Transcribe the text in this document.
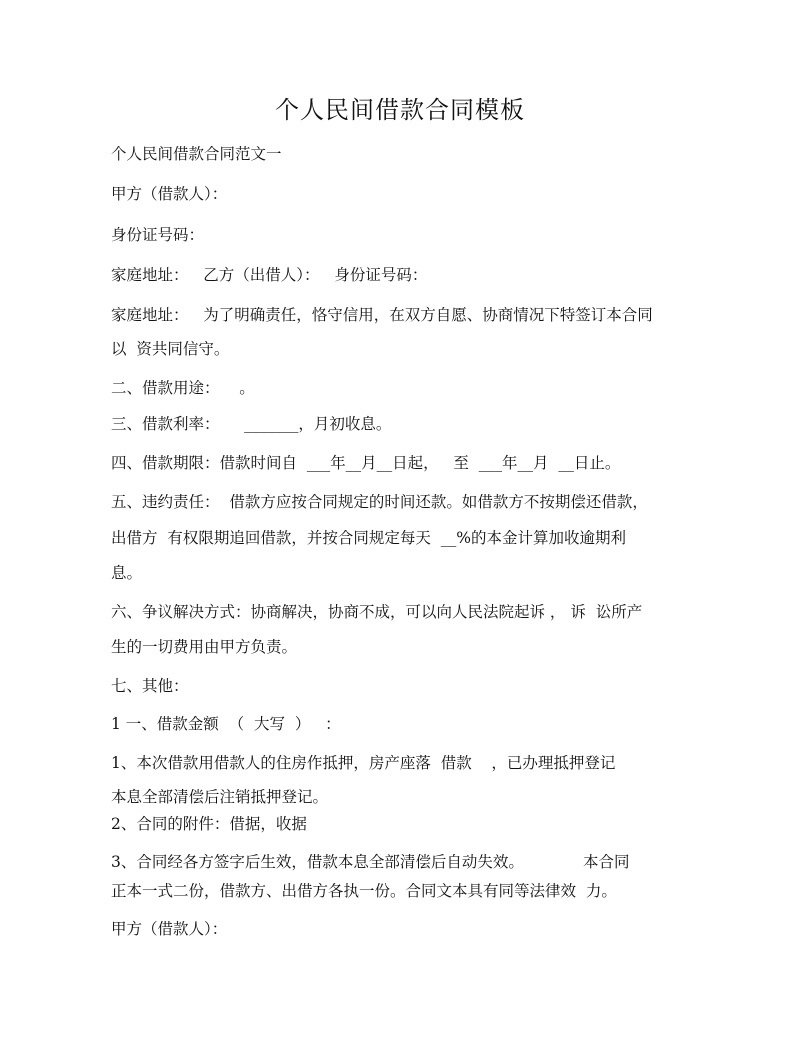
个人民间借款合同模板
个人民间借款合同范文一
甲方（借款人）：
身份证号码：
家庭地址：   乙方（出借人）：   身份证号码：
家庭地址：   为了明确责任，恪守信用，在双方自愿、协商情况下特签订本合同
以  资共同信守。
二、借款用途：    。
三、借款利率：     _______，月初收息。
四、借款期限：借款时间自  ___年__月__日起，   至  ___年__月  __日止。
五、违约责任：  借款方应按合同规定的时间还款。如借款方不按期偿还借款，
出借方  有权限期追回借款，并按合同规定每天  __%的本金计算加收逾期利
息。
六、争议解决方式：协商解决，协商不成，可以向人民法院起诉 ， 诉  讼所产
生的一切费用由甲方负责。
七、其他：
1 一、借款金额  （  大写  ）   ：
1、本次借款用借款人的住房作抵押，房产座落  借款    ，已办理抵押登记
本息全部清偿后注销抵押登记。
2、合同的附件：借据，收据
3、合同经各方签字后生效，借款本息全部清偿后自动失效。            本合同
正本一式二份，借款方、出借方各执一份。合同文本具有同等法律效  力。
甲方（借款人）：
